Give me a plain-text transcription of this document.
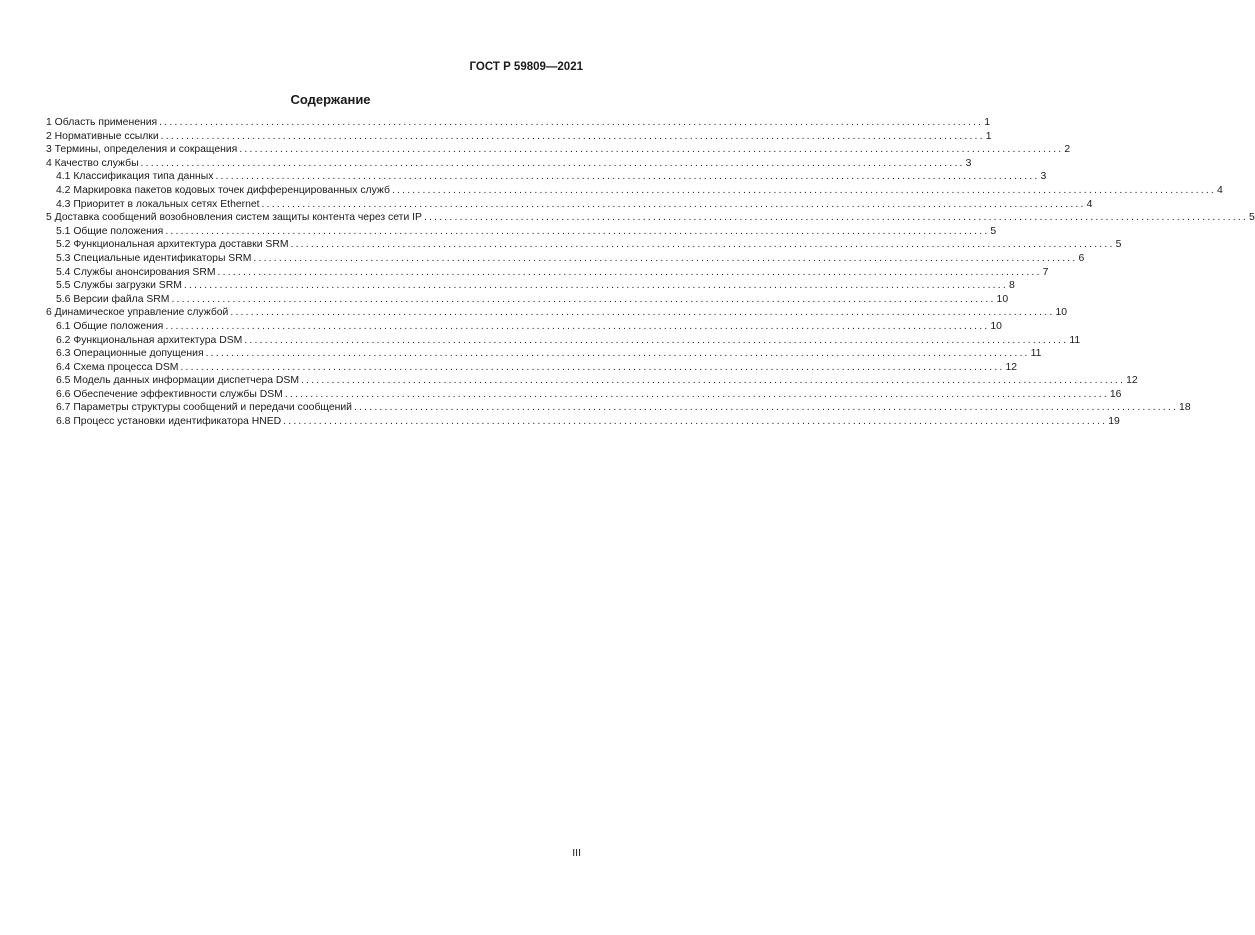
ГОСТ Р 59809—2021
Содержание
1 Область применения .................................................................................................................................................................. 1
2 Нормативные ссылки .................................................................................................................................................................. 1
3 Термины, определения и сокращения .................................................................................................................................................................. 2
4 Качество службы .................................................................................................................................................................. 3
4.1 Классификация типа данных .................................................................................................................................................................. 3
4.2 Маркировка пакетов кодовых точек дифференцированных служб .................................................................................................................................................................. 4
4.3 Приоритет в локальных сетях Ethernet .................................................................................................................................................................. 4
5 Доставка сообщений возобновления систем защиты контента через сети IP .................................................................................................................................................................. 5
5.1 Общие положения .................................................................................................................................................................. 5
5.2 Функциональная архитектура доставки SRM .................................................................................................................................................................. 5
5.3 Специальные идентификаторы SRM .................................................................................................................................................................. 6
5.4 Службы анонсирования SRM .................................................................................................................................................................. 7
5.5 Службы загрузки SRM .................................................................................................................................................................. 8
5.6 Версии файла SRM .................................................................................................................................................................. 10
6 Динамическое управление службой .................................................................................................................................................................. 10
6.1 Общие положения .................................................................................................................................................................. 10
6.2 Функциональная архитектура DSM .................................................................................................................................................................. 11
6.3 Операционные допущения .................................................................................................................................................................. 11
6.4 Схема процесса DSM .................................................................................................................................................................. 12
6.5 Модель данных информации диспетчера DSM .................................................................................................................................................................. 12
6.6 Обеспечение эффективности службы DSM .................................................................................................................................................................. 16
6.7 Параметры структуры сообщений и передачи сообщений .................................................................................................................................................................. 18
6.8 Процесс установки идентификатора HNED .................................................................................................................................................................. 19
III
